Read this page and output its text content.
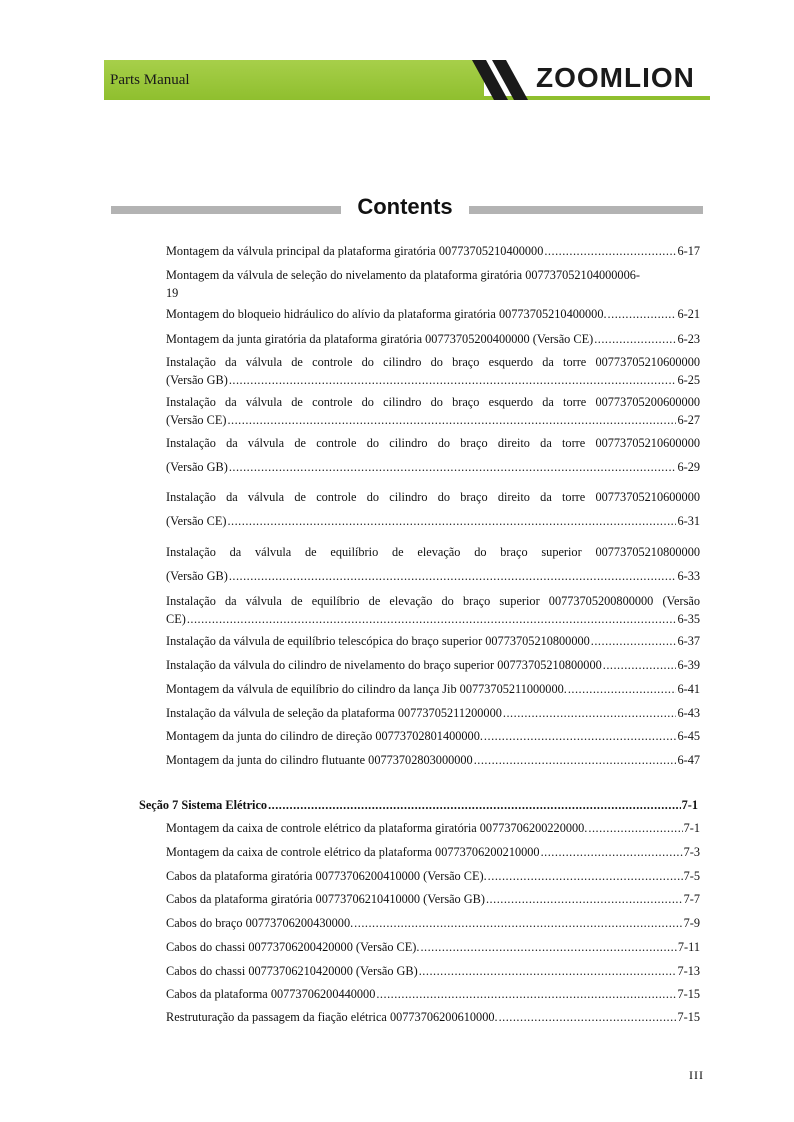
Parts Manual	ZOOMLION
Contents
Montagem da válvula principal da plataforma giratória 00773705210400000 .....	6-17
Montagem da válvula de seleção do nivelamento da plataforma giratória 007737052104000006-
19
Montagem do bloqueio hidráulico do alívio da plataforma giratória 00773705210400000. .....	6-21
Montagem da junta giratória da plataforma giratória 00773705200400000 (Versão CE) .....	6-23
Instalação da válvula de controle do cilindro do braço esquerdo da torre 00773705210600000
(Versão GB) .....	6-25
Instalação da válvula de controle do cilindro do braço esquerdo da torre 00773705200600000
(Versão CE) .....	6-27
Instalação da válvula de controle do cilindro do braço direito da torre 00773705210600000
(Versão GB) .....	6-29
Instalação da válvula de controle do cilindro do braço direito da torre 00773705210600000
(Versão CE) .....	6-31
Instalação da válvula de equilíbrio de elevação do braço superior 00773705210800000
(Versão GB) .....	6-33
Instalação da válvula de equilíbrio de elevação do braço superior 00773705200800000 (Versão
CE) .....	6-35
Instalação da válvula de equilíbrio telescópica do braço superior 00773705210800000 .....	6-37
Instalação da válvula do cilindro de nivelamento do braço superior 00773705210800000 .....	6-39
Montagem da válvula de equilíbrio do cilindro da lança Jib 00773705211000000. .....	6-41
Instalação da válvula de seleção da plataforma 00773705211200000 .....	6-43
Montagem da junta do cilindro de direção 00773702801400000. .....	6-45
Montagem da junta do cilindro flutuante 00773702803000000 .....	6-47
Seção 7 Sistema Elétrico .....	7-1
Montagem da caixa de controle elétrico da plataforma giratória 00773706200220000. .....	7-1
Montagem da caixa de controle elétrico da plataforma 00773706200210000 .....	7-3
Cabos da plataforma giratória 00773706200410000 (Versão CE). .....	7-5
Cabos da plataforma giratória 00773706210410000 (Versão GB) .....	7-7
Cabos do braço 00773706200430000. .....	7-9
Cabos do chassi 00773706200420000 (Versão CE). .....	7-11
Cabos do chassi 00773706210420000 (Versão GB) .....	7-13
Cabos da plataforma 00773706200440000 .....	7-15
Restruturação da passagem da fiação elétrica 00773706200610000. .....	7-15
III
